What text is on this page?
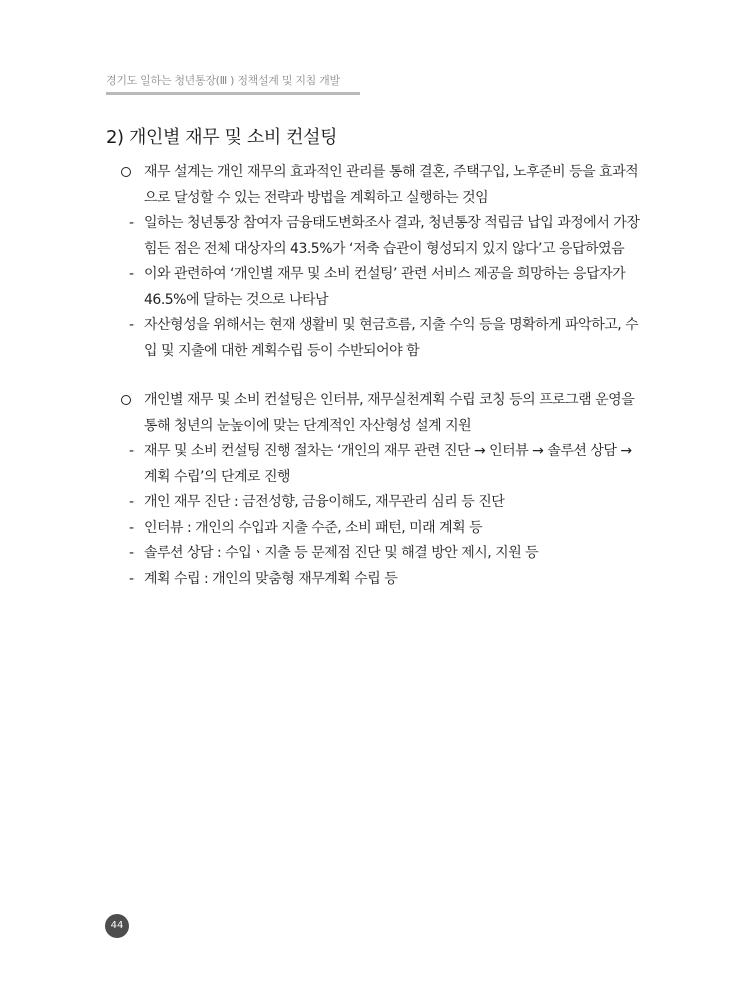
경기도 일하는 청년통장(Ⅲ ) 정책설계 및 지침 개발
2) 개인별 재무 및 소비 컨설팅
재무 설계는 개인 재무의 효과적인 관리를 통해 결혼, 주택구입, 노후준비 등을 효과적으로 달성할 수 있는 전략과 방법을 계획하고 실행하는 것임
- 일하는 청년통장 참여자 금융태도변화조사 결과, 청년통장 적립금 납입 과정에서 가장 힘든 점은 전체 대상자의 43.5%가 ‘저축 습관이 형성되지 있지 않다’고 응답하였음
- 이와 관련하여 ‘개인별 재무 및 소비 컨설팅’ 관련 서비스 제공을 희망하는 응답자가 46.5%에 달하는 것으로 나타남
- 자산형성을 위해서는 현재 생활비 및 현금흐름, 지출 수익 등을 명확하게 파악하고, 수입 및 지출에 대한 계획수립 등이 수반되어야 함
개인별 재무 및 소비 컨설팅은 인터뷰, 재무실천계획 수립 코칭 등의 프로그램 운영을 통해 청년의 눈높이에 맞는 단계적인 자산형성 설계 지원
- 재무 및 소비 컨설팅 진행 절차는 ‘개인의 재무 관련 진단 → 인터뷰 → 솔루션 상담 → 계획 수립’의 단계로 진행
- 개인 재무 진단 : 금전성향, 금융이해도, 재무관리 심리 등 진단
- 인터뷰 : 개인의 수입과 지출 수준, 소비 패턴, 미래 계획 등
- 솔루션 상담 : 수입ㆍ지출 등 문제점 진단 및 해결 방안 제시, 지원 등
- 계획 수립 : 개인의 맞춤형 재무계획 수립 등
44
